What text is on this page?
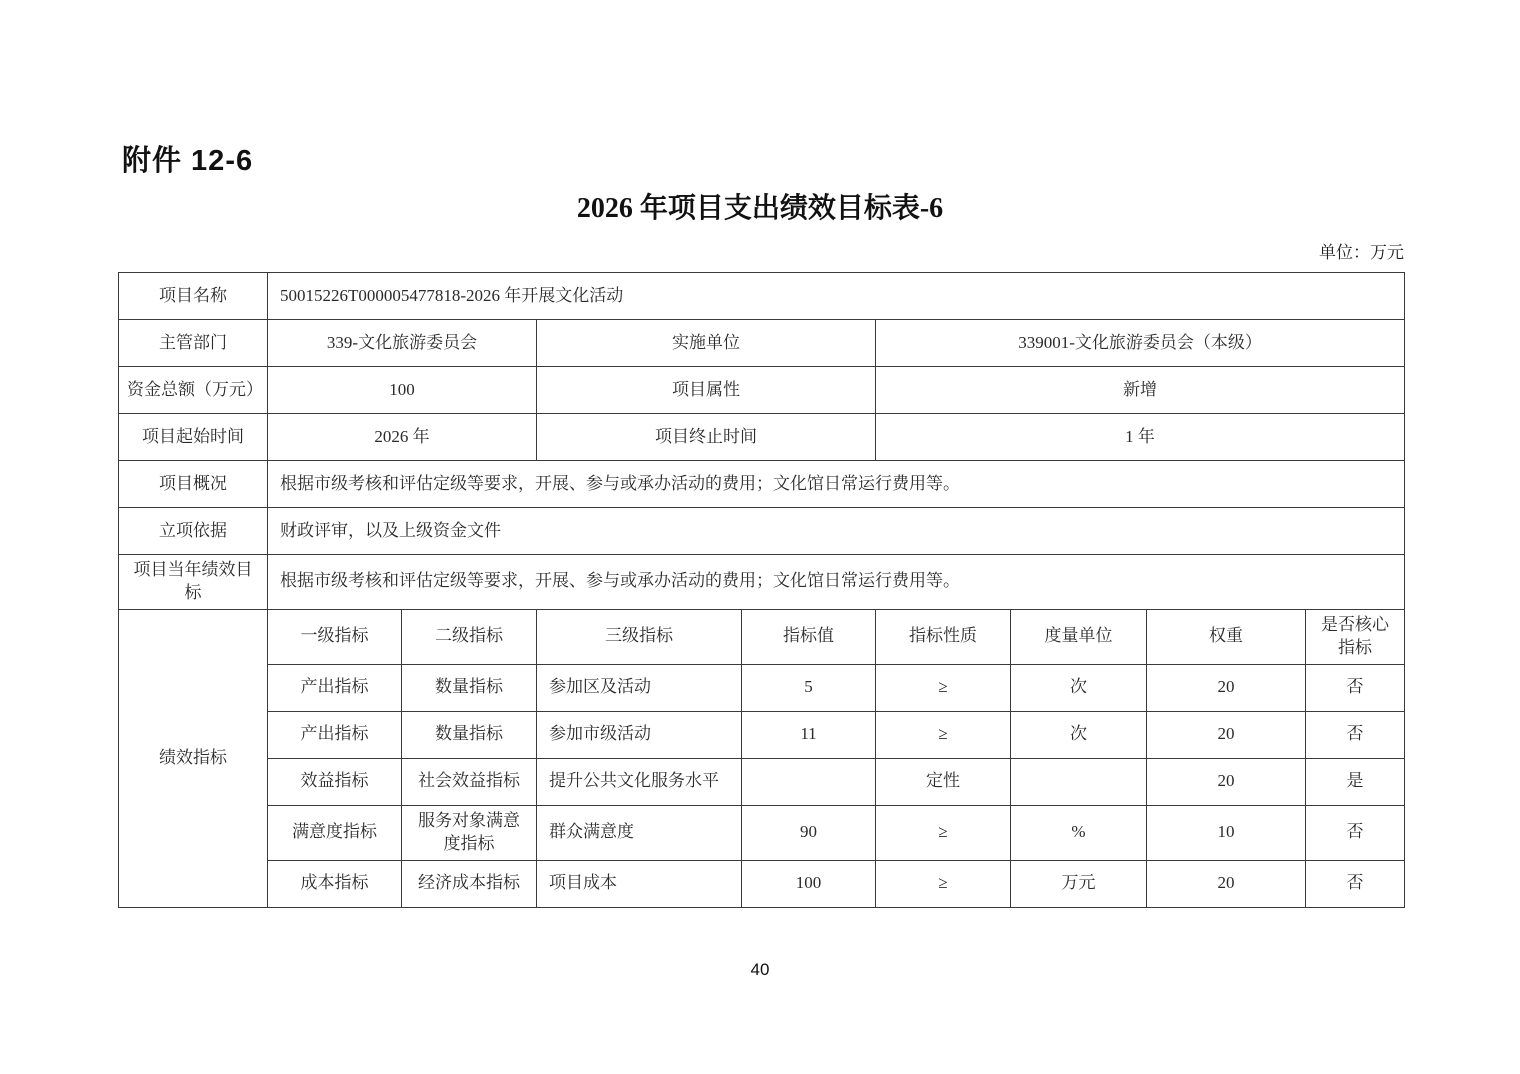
附件 12-6
2026 年项目支出绩效目标表-6
单位：万元
项目名称	50015226T000005477818-2026 年开展文化活动							
主管部门	339-文化旅游委员会		实施单位		339001-文化旅游委员会（本级）			
资金总额（万元）	100		项目属性		新增			
项目起始时间	2026 年		项目终止时间		1 年			
项目概况	根据市级考核和评估定级等要求，开展、参与或承办活动的费用；文化馆日常运行费用等。							
立项依据	财政评审，以及上级资金文件							
项目当年绩效目标	根据市级考核和评估定级等要求，开展、参与或承办活动的费用；文化馆日常运行费用等。							
绩效指标	一级指标	二级指标	三级指标	指标值	指标性质	度量单位	权重	是否核心指标
	产出指标	数量指标	参加区及活动	5	≥	次	20	否
	产出指标	数量指标	参加市级活动	11	≥	次	20	否
	效益指标	社会效益指标	提升公共文化服务水平		定性		20	是
	满意度指标	服务对象满意度指标	群众满意度	90	≥	%	10	否
	成本指标	经济成本指标	项目成本	100	≥	万元	20	否
40
